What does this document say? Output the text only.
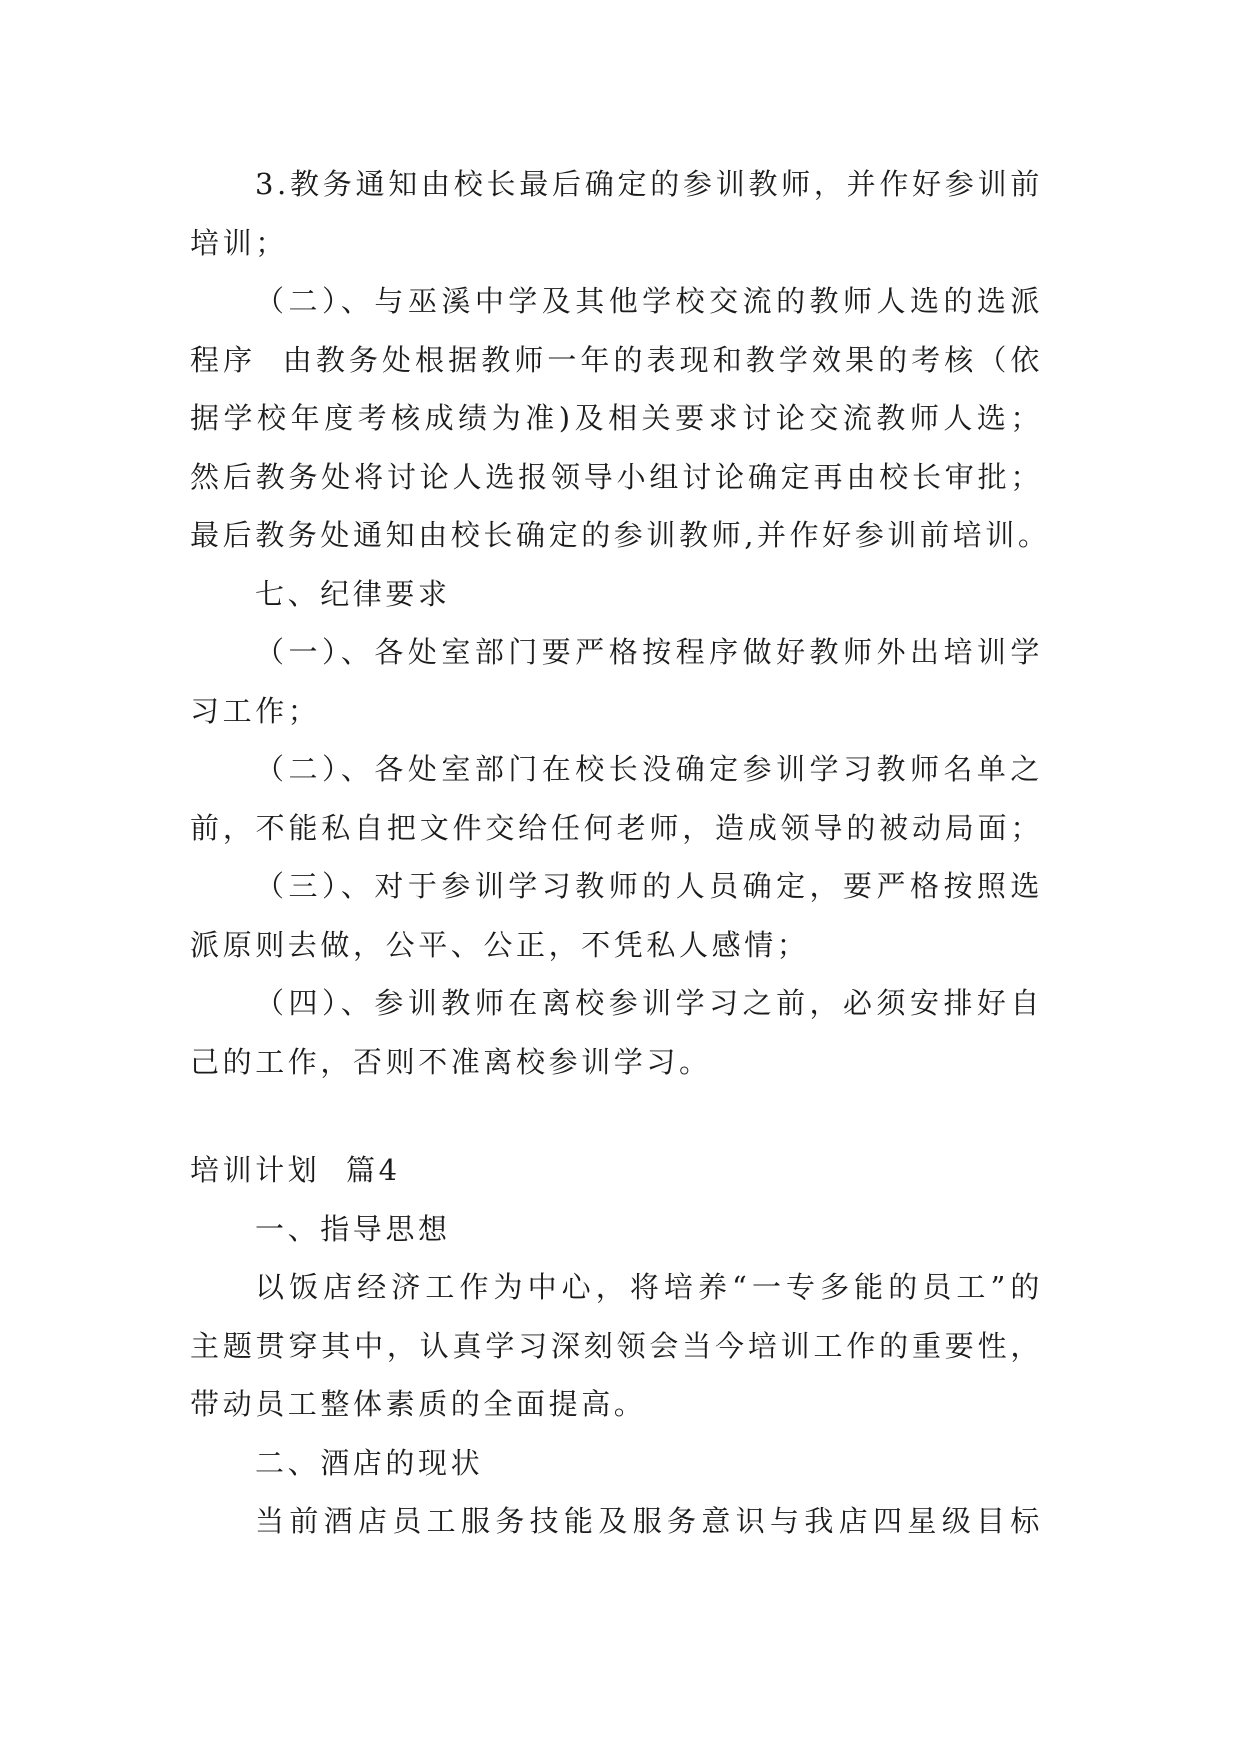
3.教务通知由校长最后确定的参训教师，并作好参训前
培训；
（二）、与巫溪中学及其他学校交流的教师人选的选派
程序  由教务处根据教师一年的表现和教学效果的考核（依
据学校年度考核成绩为准)及相关要求讨论交流教师人选；
然后教务处将讨论人选报领导小组讨论确定再由校长审批；
最后教务处通知由校长确定的参训教师,并作好参训前培训。
七、纪律要求
（一）、各处室部门要严格按程序做好教师外出培训学
习工作；
（二）、各处室部门在校长没确定参训学习教师名单之
前，不能私自把文件交给任何老师，造成领导的被动局面；
（三）、对于参训学习教师的人员确定，要严格按照选
派原则去做，公平、公正，不凭私人感情；
（四）、参训教师在离校参训学习之前，必须安排好自
己的工作，否则不准离校参训学习。
培训计划  篇4
一、指导思想
以饭店经济工作为中心，将培养“一专多能的员工”的
主题贯穿其中，认真学习深刻领会当今培训工作的重要性，
带动员工整体素质的全面提高。
二、酒店的现状
当前酒店员工服务技能及服务意识与我店四星级目标
